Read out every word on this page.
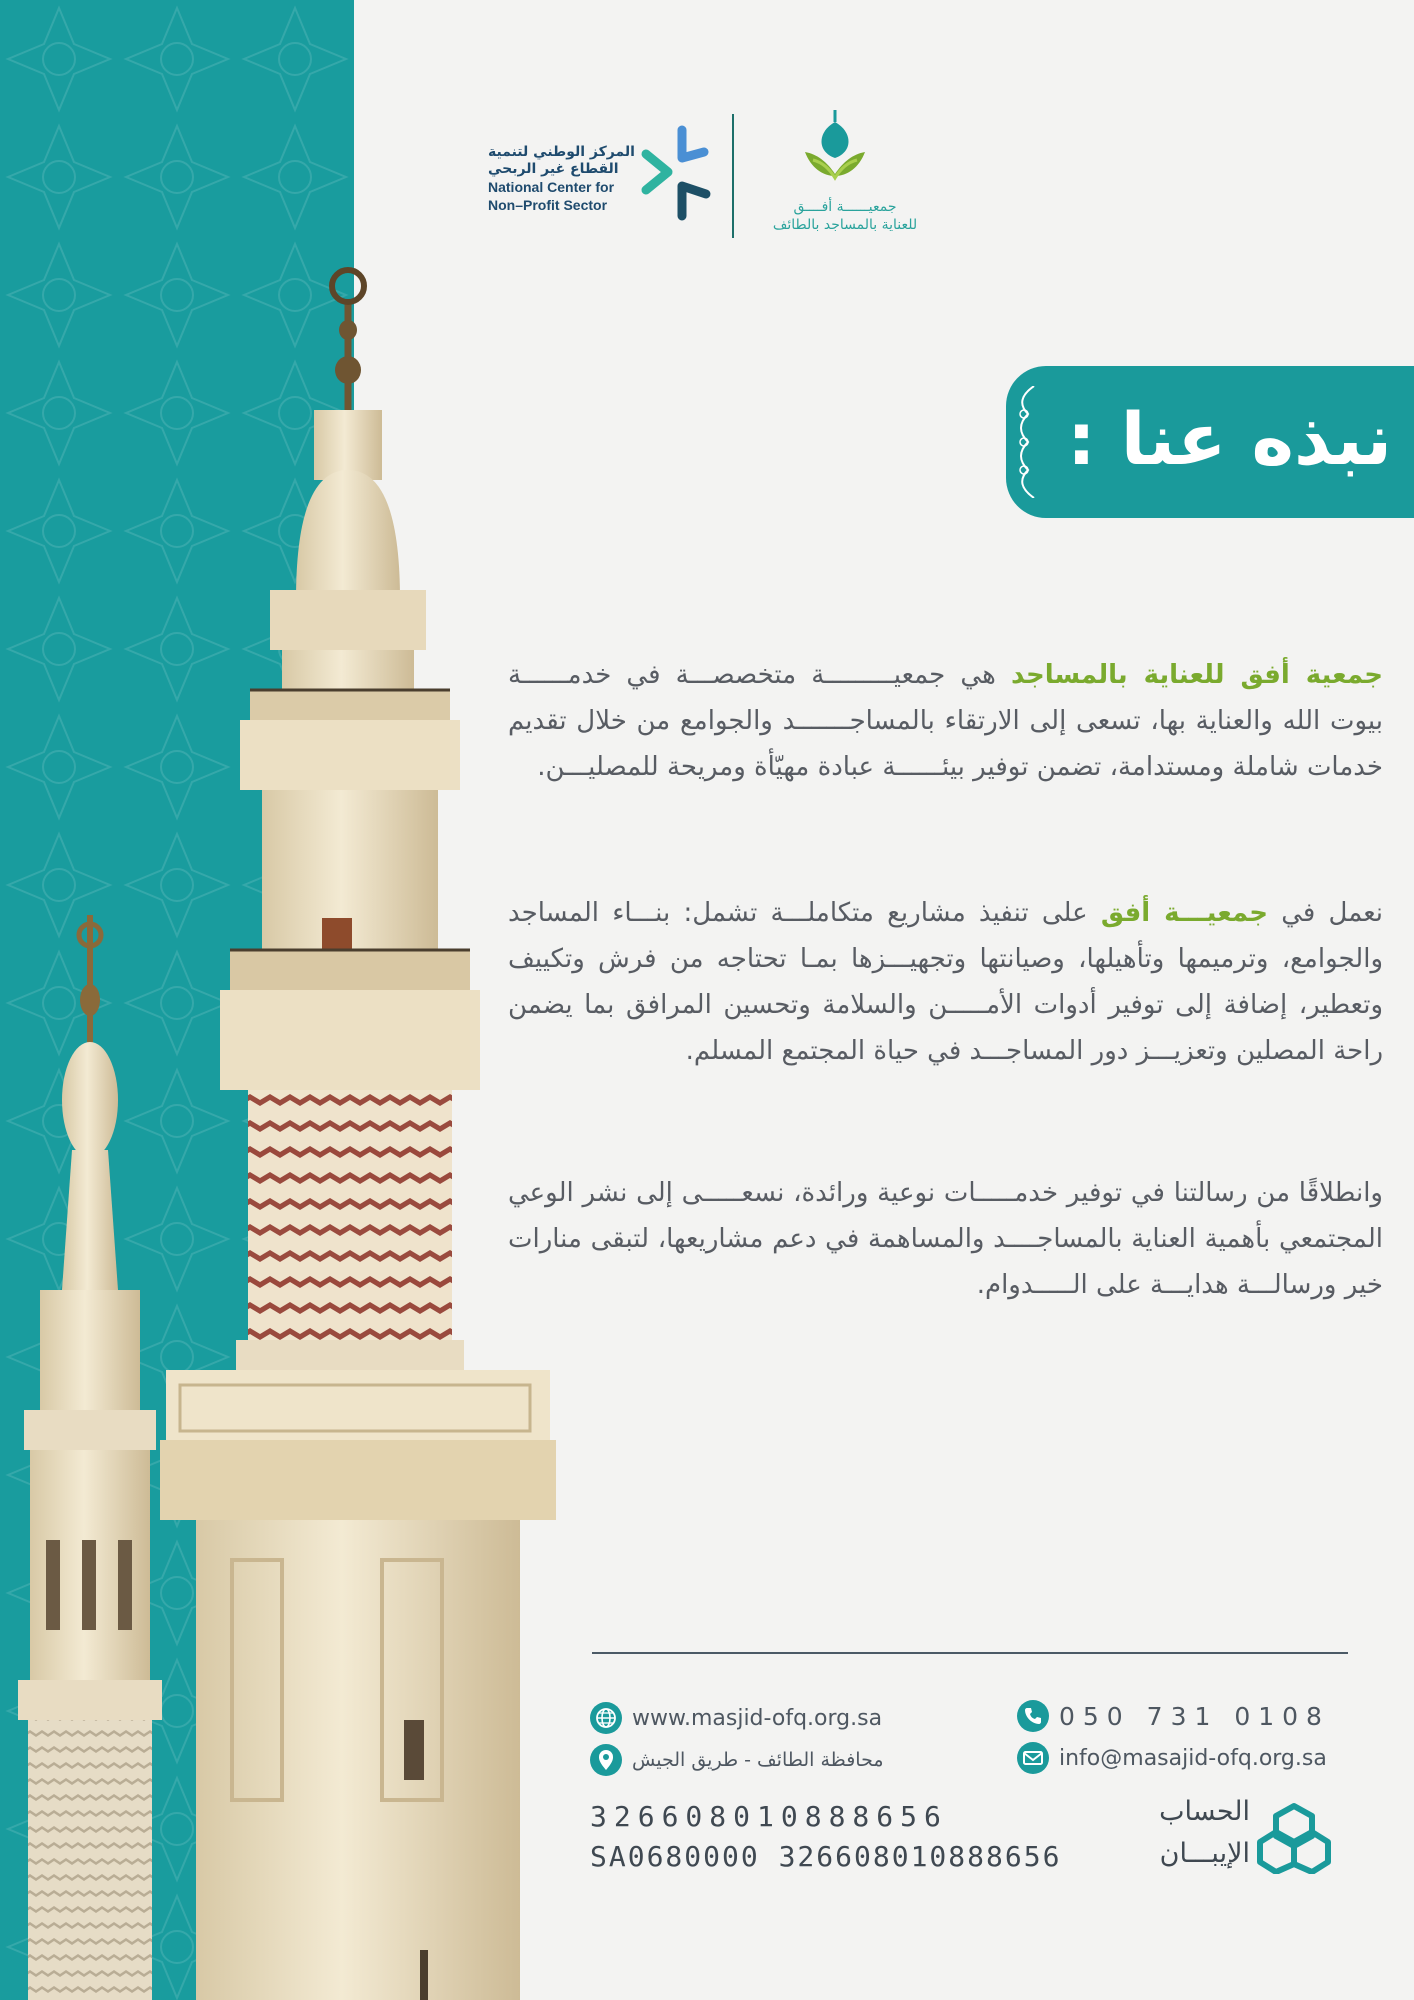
المركز الوطني لتنمية
القطاع غير الربحي
National Center for
Non–Profit Sector	جمعيــــــة أفــــق
للعناية بالمساجد بالطائف
نبذه عنا :

جمعية أفق للعناية بالمساجد هي جمعيـــــــــة متخصصـــة في خدمــــــة بيوت الله والعناية بها، تسعى إلى الارتقاء بالمساجـــــــد والجوامع من خلال تقديم خدمات شاملة ومستدامة، تضمن توفير بيئــــــة عبادة مهيّأة ومريحة للمصليـــن.

نعمل في جمعيـــة أفق على تنفيذ مشاريع متكاملـــة تشمل: بنـــاء المساجد والجوامع، وترميمها وتأهيلها، وصيانتها وتجهيـــزها بمـا تحتاجه من فرش وتكييف وتعطير، إضافة إلى توفير أدوات الأمـــــن والسلامة وتحسين المرافق بما يضمن راحة المصلين وتعزيـــز دور المساجـــد في حياة المجتمع المسلم.

وانطلاقًا من رسالتنا في توفير خدمـــــات نوعية ورائدة، نسعـــــى إلى نشر الوعي المجتمعي بأهمية العناية بالمساجــــد والمساهمة في دعم مشاريعها، لتبقى منارات خير ورسالـــة هدايـــة على الـــــدوام.

www.masjid-ofq.org.sa
محافظة الطائف - طريق الجيش
050 731 0108
info@masajid-ofq.org.sa
326608010888656
SA0680000 326608010888656
الحساب
الإيبـــان
